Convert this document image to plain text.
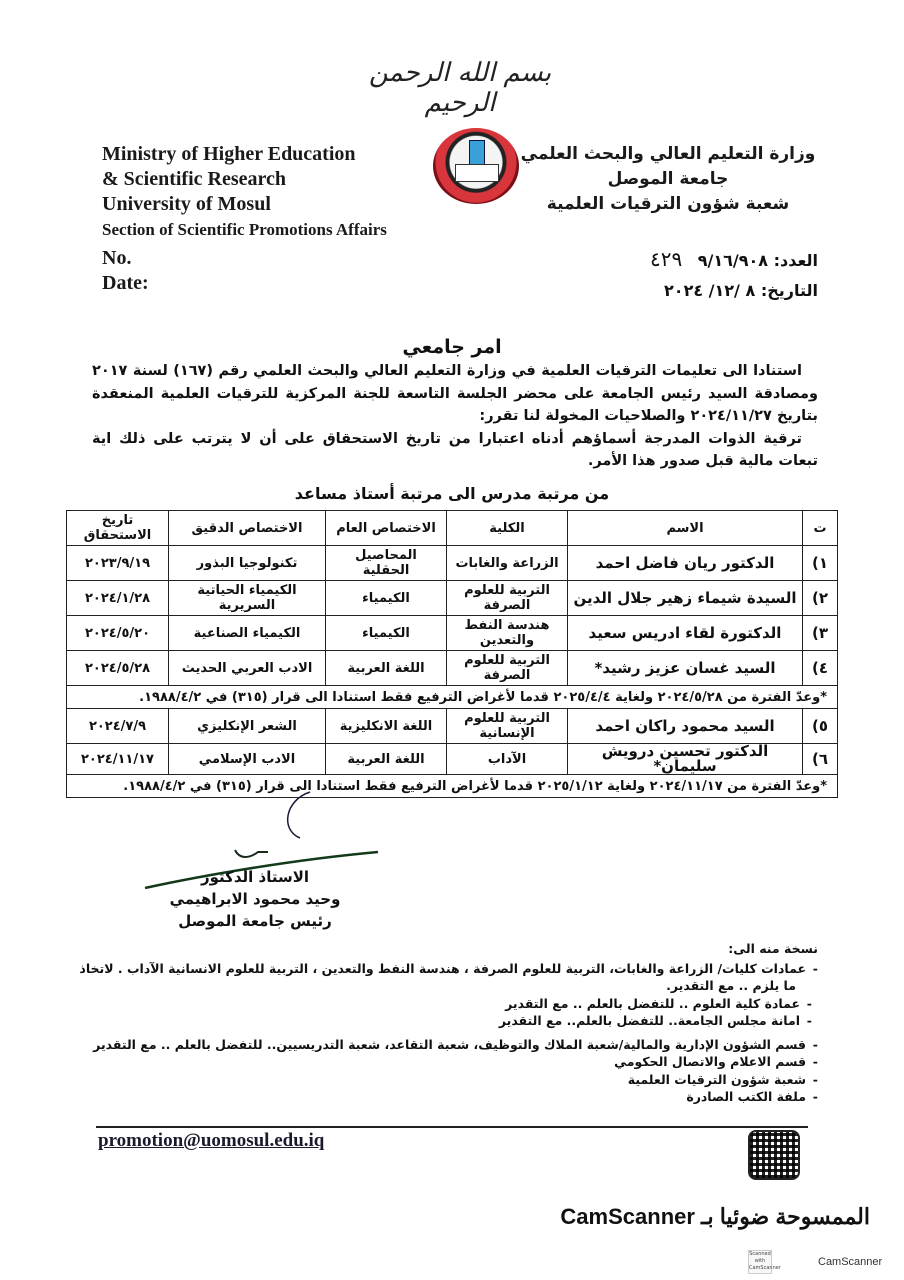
بسم الله الرحمن الرحيم
Ministry of Higher Education
& Scientific Research
University of Mosul
Section of Scientific Promotions Affairs
No.
Date:
وزارة التعليم العالي والبحث العلمي
جامعة الموصل
شعبة شؤون الترقيات العلمية
العدد: ٩/١٦/٩٠٨ ٤٢٩
التاريخ: ٨ /١٢/ ٢٠٢٤
امر جامعي

استنادا الى تعليمات الترقيات العلمية في وزارة التعليم العالي والبحث العلمي رقم (١٦٧) لسنة ٢٠١٧ ومصادقة السيد رئيس الجامعة على محضر الجلسة التاسعة للجنة المركزية للترقيات العلمية المنعقدة بتاريخ ٢٠٢٤/١١/٢٧ والصلاحيات المخولة لنا تقرر:

ترقية الذوات المدرجة أسماؤهم أدناه اعتبارا من تاريخ الاستحقاق على أن لا يترتب على ذلك اية تبعات مالية قبل صدور هذا الأمر.

من مرتبة مدرس الى مرتبة أستاذ مساعد
ت	الاسم	الكلية	الاختصاص العام	الاختصاص الدقيق	تاريخ الاستحقاق
١)	الدكتور ريان فاضل احمد	الزراعة والغابات	المحاصيل الحقلية	تكنولوجيا البذور	٢٠٢٣/٩/١٩
٢)	السيدة شيماء زهير جلال الدين	التربية للعلوم الصرفة	الكيمياء	الكيمياء الحياتية السريرية	٢٠٢٤/١/٢٨
٣)	الدكتورة لقاء ادريس سعيد	هندسة النفط والتعدين	الكيمياء	الكيمياء الصناعية	٢٠٢٤/٥/٢٠
٤)	السيد غسان عزيز رشيد*	التربية للعلوم الصرفة	اللغة العربية	الادب العربي الحديث	٢٠٢٤/٥/٢٨
*وعدّ الفترة من ٢٠٢٤/٥/٢٨ ولغاية ٢٠٢٥/٤/٤ قدما لأغراض الترفيع فقط استنادا الى قرار (٣١٥) في ١٩٨٨/٤/٢.					
٥)	السيد محمود راكان احمد	التربية للعلوم الإنسانية	اللغة الانكليزية	الشعر الإنكليزي	٢٠٢٤/٧/٩
٦)	الدكتور تحسين درويش سليمان*	الآداب	اللغة العربية	الادب الإسلامي	٢٠٢٤/١١/١٧
*وعدّ الفترة من ٢٠٢٤/١١/١٧ ولغاية ٢٠٢٥/١/١٢ قدما لأغراض الترفيع فقط استنادا الى قرار (٣١٥) في ١٩٨٨/٤/٢.					
الاستاذ الدكتور
وحيد محمود الابراهيمي
رئيس جامعة الموصل
نسخة منه الى:
-عمادات كليات/ الزراعة والغابات، التربية للعلوم الصرفة ، هندسة النفط والتعدين ، التربية للعلوم الانسانية الآداب . لاتخاذ
ما يلزم .. مع التقدير.
-عمادة كلية العلوم .. للتفضل بالعلم .. مع التقدير
-امانة مجلس الجامعة.. للتفضل بالعلم.. مع التقدير
-قسم الشؤون الإدارية والمالية/شعبة الملاك والتوظيف، شعبة التقاعد، شعبة التدريسيين.. للتفضل بالعلم .. مع التقدير
-قسم الاعلام والاتصال الحكومي
-شعبة شؤون الترقيات العلمية
-ملفة الكتب الصادرة
promotion@uomosul.edu.iq
الممسوحة ضوئيا بـ CamScanner
Scanned with CamScanner	CamScanner
